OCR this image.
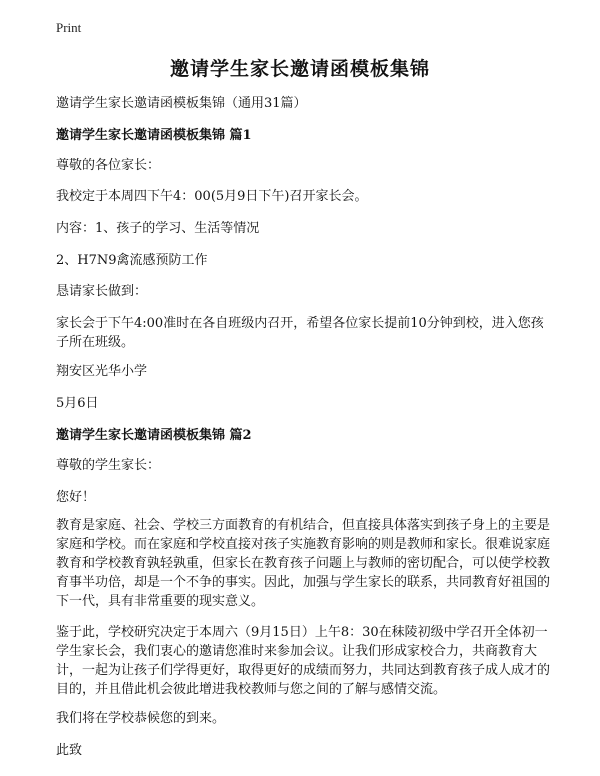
Print
邀请学生家长邀请函模板集锦

邀请学生家长邀请函模板集锦（通用31篇）

邀请学生家长邀请函模板集锦 篇1

尊敬的各位家长：

我校定于本周四下午4：00(5月9日下午)召开家长会。

内容：1、孩子的学习、生活等情况

2、H7N9禽流感预防工作

恳请家长做到：

家长会于下午4:00准时在各自班级内召开，希望各位家长提前10分钟到校，进入您孩子所在班级。

翔安区光华小学

5月6日

邀请学生家长邀请函模板集锦 篇2

尊敬的学生家长：

您好！

教育是家庭、社会、学校三方面教育的有机结合，但直接具体落实到孩子身上的主要是家庭和学校。而在家庭和学校直接对孩子实施教育影响的则是教师和家长。很难说家庭教育和学校教育孰轻孰重，但家长在教育孩子问题上与教师的密切配合，可以使学校教育事半功倍，却是一个不争的事实。因此，加强与学生家长的联系，共同教育好祖国的下一代，具有非常重要的现实意义。

鉴于此，学校研究决定于本周六（9月15日）上午8：30在秣陵初级中学召开全体初一学生家长会，我们衷心的邀请您准时来参加会议。让我们形成家校合力，共商教育大计，一起为让孩子们学得更好，取得更好的成绩而努力，共同达到教育孩子成人成才的目的，并且借此机会彼此增进我校教师与您之间的了解与感情交流。

我们将在学校恭候您的到来。

此致
